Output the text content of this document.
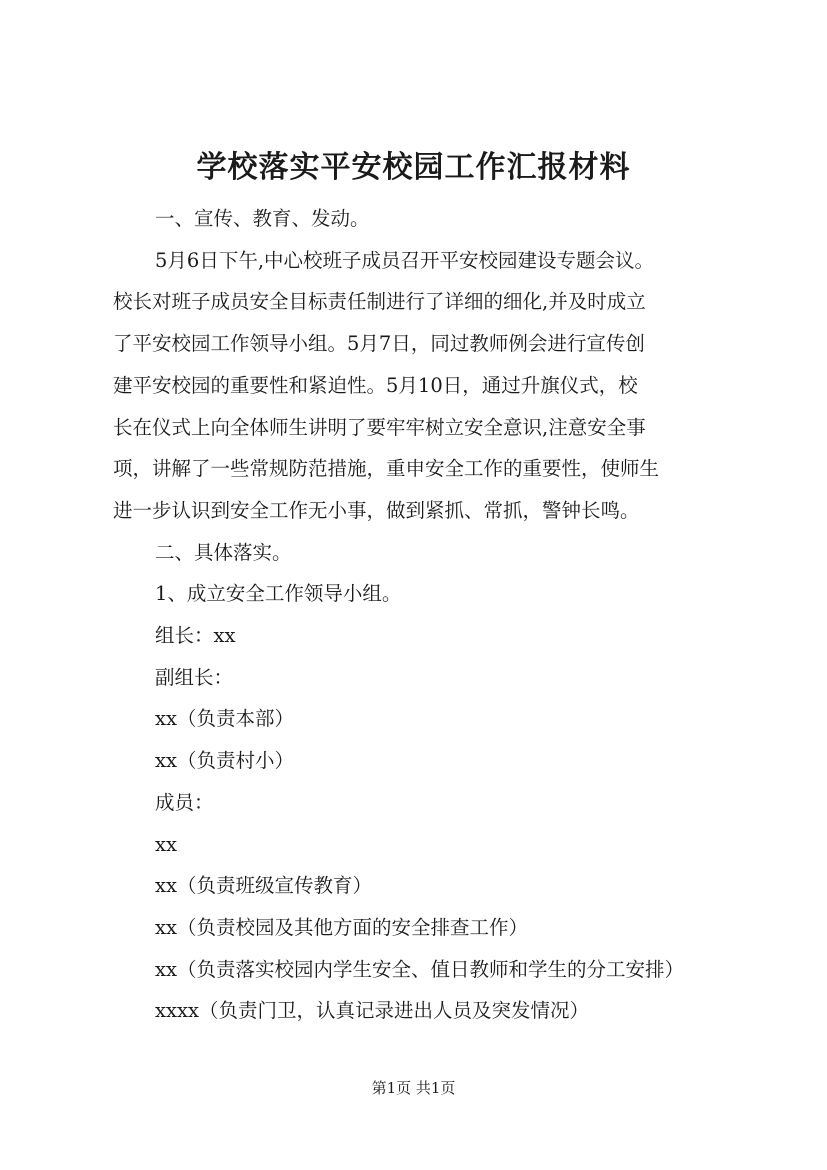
学校落实平安校园工作汇报材料

一、宣传、教育、发动。

5月6日下午,中心校班子成员召开平安校园建设专题会议。

校长对班子成员安全目标责任制进行了详细的细化,并及时成立

了平安校园工作领导小组。5月7日，同过教师例会进行宣传创

建平安校园的重要性和紧迫性。5月10日，通过升旗仪式，校

长在仪式上向全体师生讲明了要牢牢树立安全意识,注意安全事

项，讲解了一些常规防范措施，重申安全工作的重要性，使师生

进一步认识到安全工作无小事，做到紧抓、常抓，警钟长鸣。

二、具体落实。

1、成立安全工作领导小组。

组长：xx

副组长：

xx（负责本部）

xx（负责村小）

成员：

xx

xx（负责班级宣传教育）

xx（负责校园及其他方面的安全排查工作）

xx（负责落实校园内学生安全、值日教师和学生的分工安排）

xxxx（负责门卫，认真记录进出人员及突发情况）

第1页 共1页
